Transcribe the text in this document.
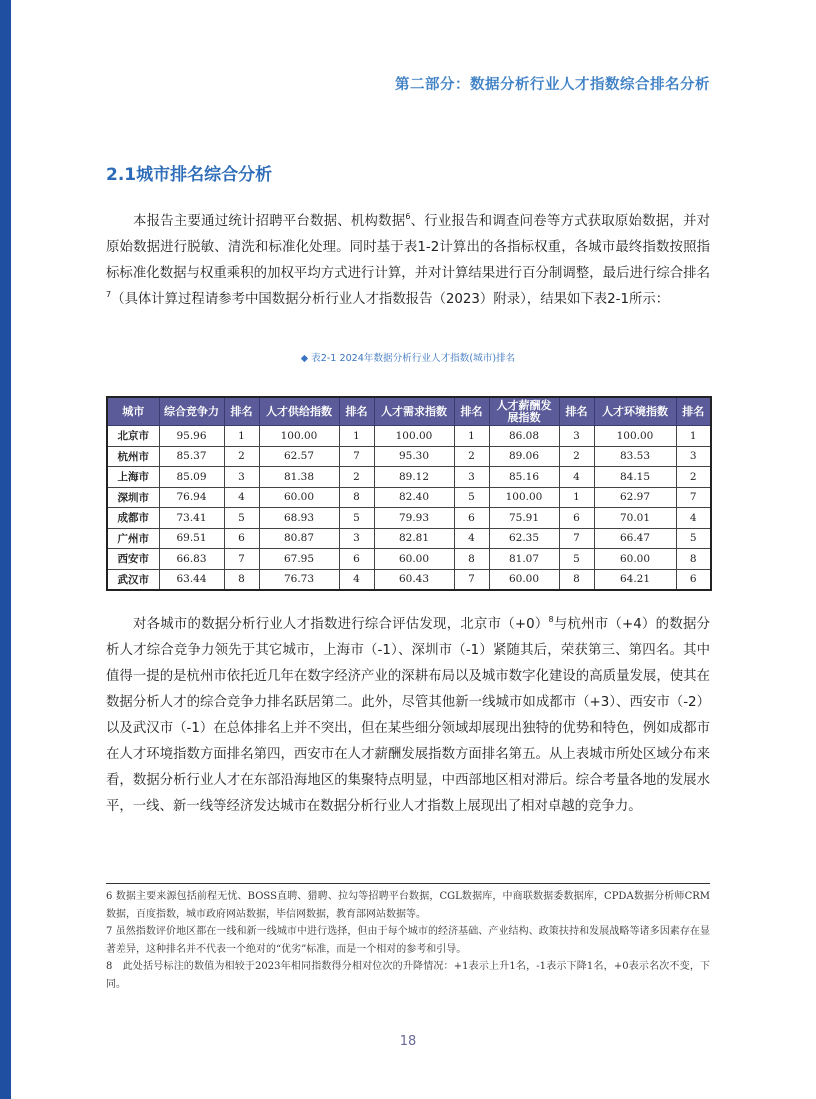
第二部分：数据分析行业人才指数综合排名分析
2.1城市排名综合分析

本报告主要通过统计招聘平台数据、机构数据$^6$、行业报告和调查问卷等方式获取原始数据，并对原始数据进行脱敏、清洗和标准化处理。同时基于表1-2计算出的各指标权重，各城市最终指数按照指标标准化数据与权重乘积的加权平均方式进行计算，并对计算结果进行百分制调整，最后进行综合排名$^7$（具体计算过程请参考中国数据分析行业人才指数报告（2023）附录），结果如下表2-1所示：

◆ 表2-1 2024年数据分析行业人才指数(城市)排名
城市	综合竞争力	排名	人才供给指数	排名	人才需求指数	排名	人才薪酬发展指数	排名	人才环境指数	排名
北京市	95.96	1	100.00	1	100.00	1	86.08	3	100.00	1
杭州市	85.37	2	62.57	7	95.30	2	89.06	2	83.53	3
上海市	85.09	3	81.38	2	89.12	3	85.16	4	84.15	2
深圳市	76.94	4	60.00	8	82.40	5	100.00	1	62.97	7
成都市	73.41	5	68.93	5	79.93	6	75.91	6	70.01	4
广州市	69.51	6	80.87	3	82.81	4	62.35	7	66.47	5
西安市	66.83	7	67.95	6	60.00	8	81.07	5	60.00	8
武汉市	63.44	8	76.73	4	60.43	7	60.00	8	64.21	6

对各城市的数据分析行业人才指数进行综合评估发现，北京市$(+0)^8$与杭州市（+4）的数据分析人才综合竞争力领先于其它城市，上海市（-1）、深圳市（-1）紧随其后，荣获第三、第四名。其中值得一提的是杭州市依托近几年在数字经济产业的深耕布局以及城市数字化建设的高质量发展，使其在数据分析人才的综合竞争力排名跃居第二。此外，尽管其他新一线城市如成都市（+3）、西安市（-2）以及武汉市（-1）在总体排名上并不突出，但在某些细分领域却展现出独特的优势和特色，例如成都市在人才环境指数方面排名第四，西安市在人才薪酬发展指数方面排名第五。从上表城市所处区域分布来看，数据分析行业人才在东部沿海地区的集聚特点明显，中西部地区相对滞后。综合考量各地的发展水平，一线、新一线等经济发达城市在数据分析行业人才指数上展现出了相对卓越的竞争力。

6 数据主要来源包括前程无忧、BOSS直聘、猎聘、拉勾等招聘平台数据，CGL数据库，中商联数据委数据库，CPDA数据分析师CRM数据，百度指数，城市政府网站数据，毕信网数据，教育部网站数据等。

7 虽然指数评价地区都在一线和新一线城市中进行选择，但由于每个城市的经济基础、产业结构、政策扶持和发展战略等诸多因素存在显著差异，这种排名并不代表一个绝对的“优劣”标准，而是一个相对的参考和引导。

8　此处括号标注的数值为相较于2023年相同指数得分相对位次的升降情况：+1表示上升1名，-1表示下降1名，+0表示名次不变，下同。

18
